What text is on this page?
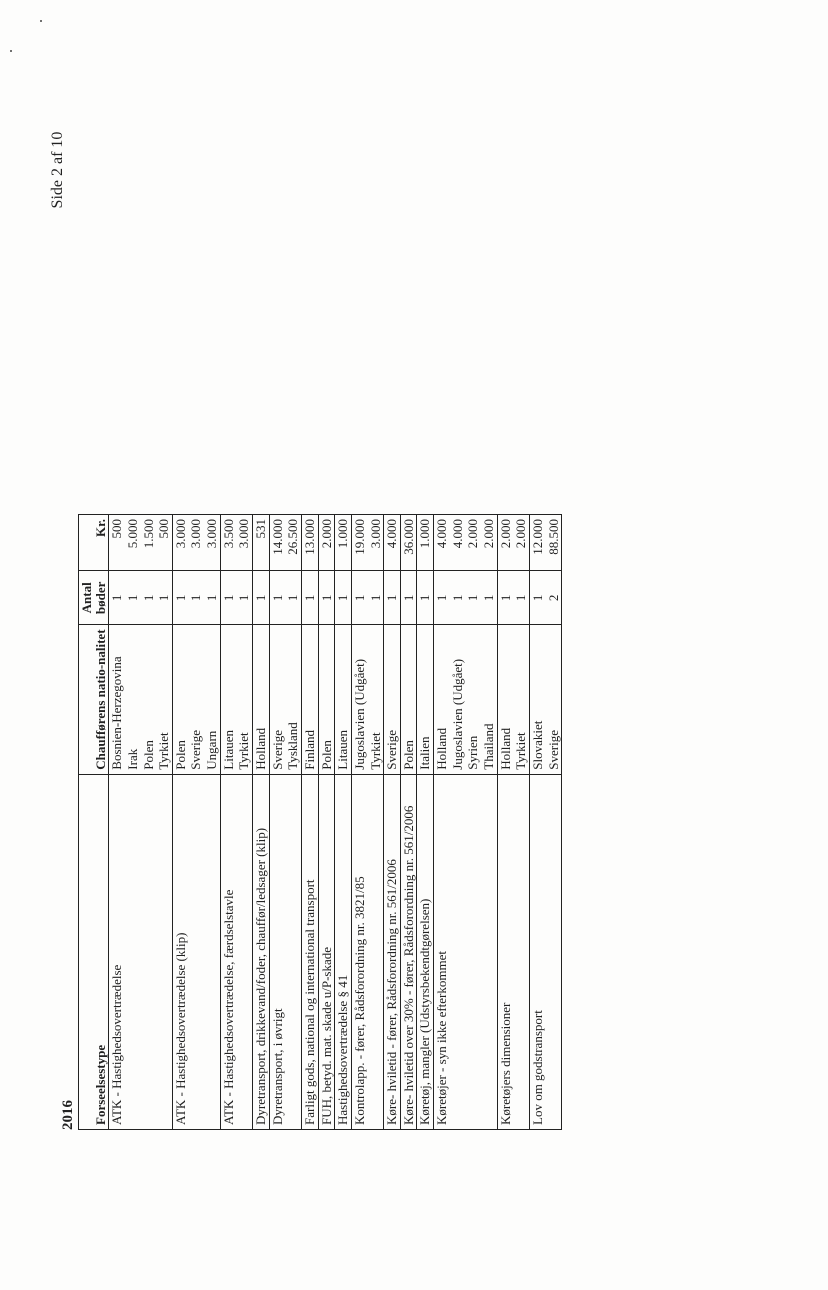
Side 2 af 10
2016 Forseelsestype	Chaufførens natio-nalitet	Antal bøder	Kr.
ATK - Hastighedsovertrædelse	Bosnien-Herzegovina	1	500
	Irak	1	5.000
	Polen	1	1.500
	Tyrkiet	1	500
ATK - Hastighedsovertrædelse (klip)	Polen	1	3.000
	Sverige	1	3.000
	Ungarn	1	3.000
ATK - Hastighedsovertrædelse, færdselstavle	Litauen	1	3.500
	Tyrkiet	1	3.000
Dyretransport, drikkevand/foder, chauffør/ledsager (klip)	Holland	1	531
Dyretransport, i øvrigt	Sverige	1	14.000
	Tyskland	1	26.500
Farligt gods, national og international transport	Finland	1	13.000
FUH, betyd. mat. skade u/P-skade	Polen	1	2.000
Hastighedsovertrædelse § 41	Litauen	1	1.000
Kontrolapp. - fører, Rådsforordning nr. 3821/85	Jugoslavien (Udgået)	1	19.000
	Tyrkiet	1	3.000
Køre- hviletid - fører, Rådsforordning nr. 561/2006	Sverige	1	4.000
Køre- hviletid over 30% - fører, Rådsforordning nr. 561/2006	Polen	1	36.000
Køretøj, mangler (Udstyrsbekendtgørelsen)	Italien	1	1.000
Køretøjer - syn ikke efterkommet	Holland	1	4.000
	Jugoslavien (Udgået)	1	4.000
	Syrien	1	2.000
	Thailand	1	2.000
Køretøjers dimensioner	Holland	1	2.000
	Tyrkiet	1	2.000
Lov om godstransport	Slovakiet	1	12.000
	Sverige	2	88.500
